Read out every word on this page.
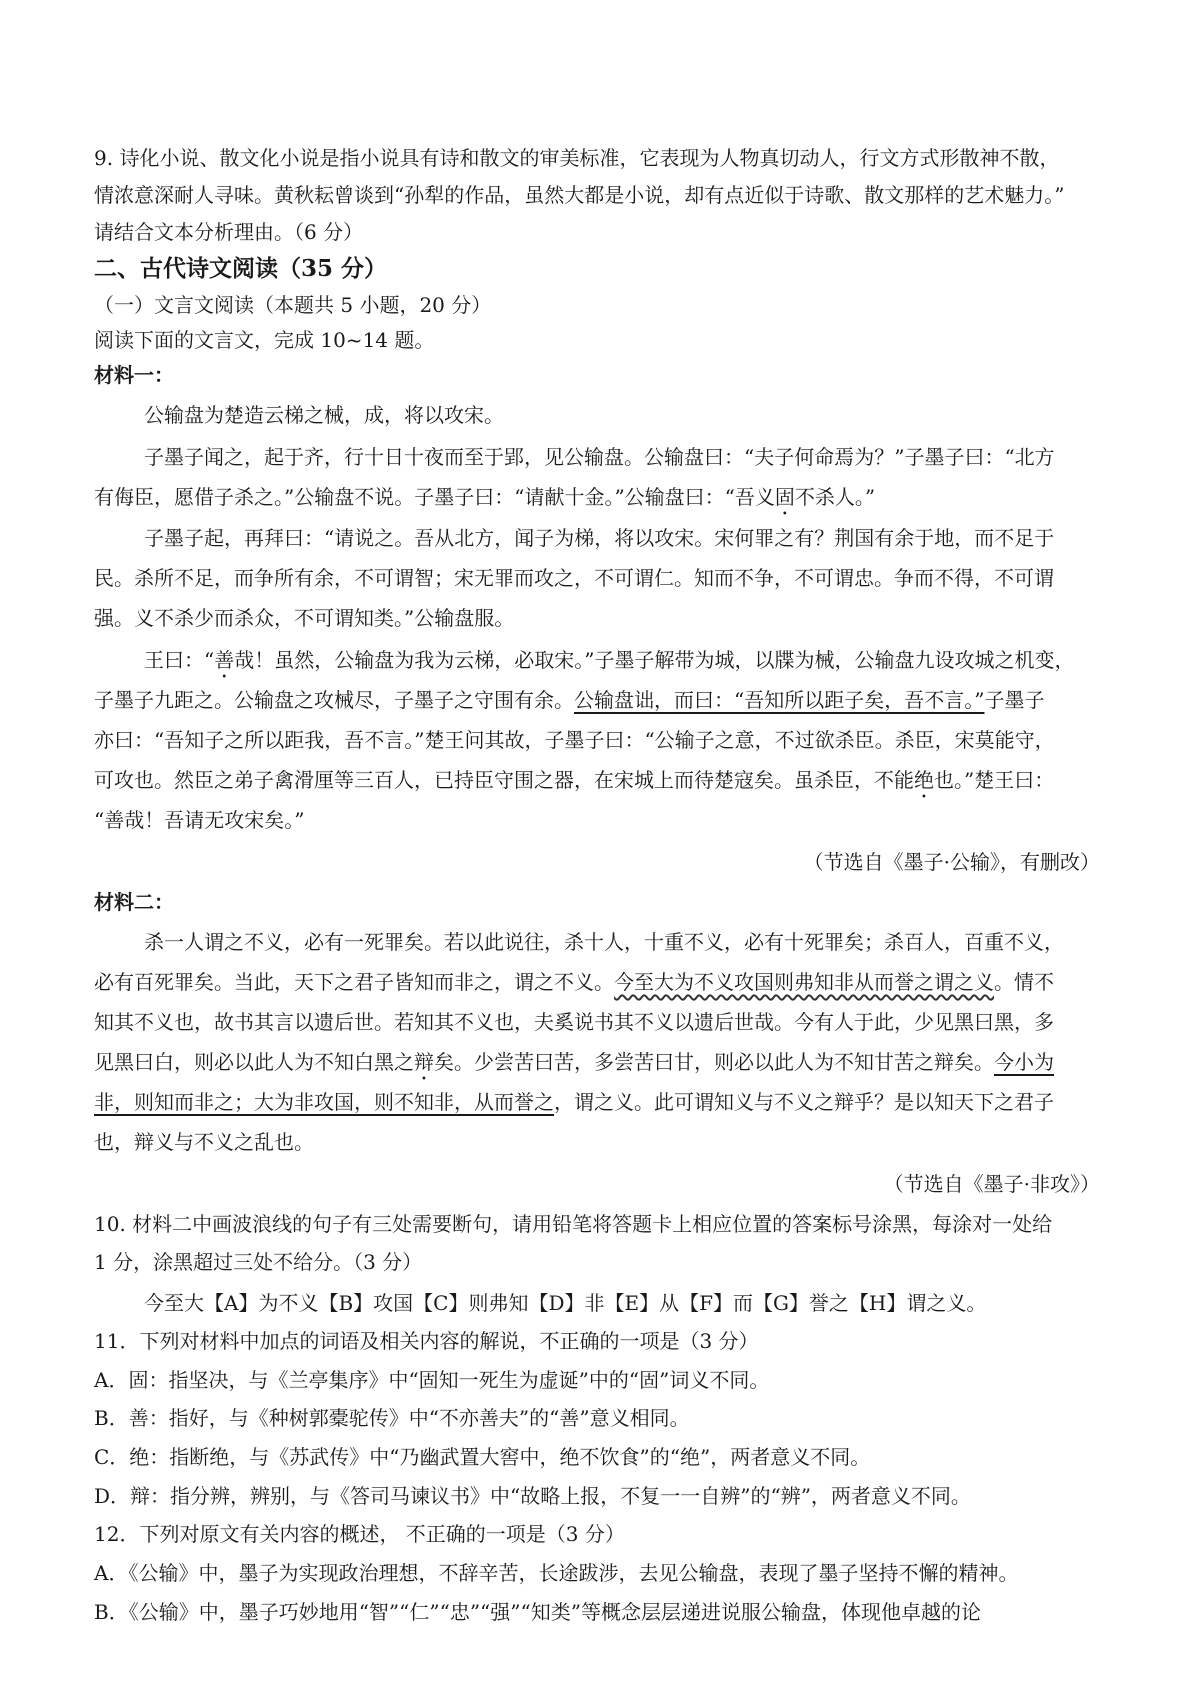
9. 诗化小说、散文化小说是指小说具有诗和散文的审美标准，它表现为人物真切动人，行文方式形散神不散，
情浓意深耐人寻味。黄秋耘曾谈到“孙犁的作品，虽然大都是小说，却有点近似于诗歌、散文那样的艺术魅力。”
请结合文本分析理由。（6 分）
二、古代诗文阅读（35 分）
（一）文言文阅读（本题共 5 小题，20 分）
阅读下面的文言文，完成 10~14 题。
材料一：
公输盘为楚造云梯之械，成，将以攻宋。
子墨子闻之，起于齐，行十日十夜而至于郢，见公输盘。公输盘曰：“夫子何命焉为？”子墨子曰：“北方
有侮臣，愿借子杀之。”公输盘不说。子墨子曰：“请献十金。”公输盘曰：“吾义固不杀人。”
子墨子起，再拜曰：“请说之。吾从北方，闻子为梯，将以攻宋。宋何罪之有？荆国有余于地，而不足于
民。杀所不足，而争所有余，不可谓智；宋无罪而攻之，不可谓仁。知而不争，不可谓忠。争而不得，不可谓
强。义不杀少而杀众，不可谓知类。”公输盘服。
王曰：“善哉！虽然，公输盘为我为云梯，必取宋。”子墨子解带为城，以牒为械，公输盘九设攻城之机变，
子墨子九距之。公输盘之攻械尽，子墨子之守围有余。公输盘诎，而曰：“吾知所以距子矣，吾不言。”子墨子
亦曰：“吾知子之所以距我，吾不言。”楚王问其故，子墨子曰：“公输子之意，不过欲杀臣。杀臣，宋莫能守，
可攻也。然臣之弟子禽滑厘等三百人，已持臣守围之器，在宋城上而待楚寇矣。虽杀臣，不能绝也。”楚王曰：
“善哉！吾请无攻宋矣。”
（节选自《墨子·公输》，有删改）
材料二：
杀一人谓之不义，必有一死罪矣。若以此说往，杀十人，十重不义，必有十死罪矣；杀百人，百重不义，
必有百死罪矣。当此，天下之君子皆知而非之，谓之不义。今至大为不义攻国则弗知非从而誉之谓之义。情不
知其不义也，故书其言以遗后世。若知其不义也，夫奚说书其不义以遗后世哉。今有人于此，少见黑曰黑，多
见黑曰白，则必以此人为不知白黑之辩矣。少尝苦曰苦，多尝苦曰甘，则必以此人为不知甘苦之辩矣。今小为
非，则知而非之；大为非攻国，则不知非，从而誉之，谓之义。此可谓知义与不义之辩乎？是以知天下之君子
也，辩义与不义之乱也。
（节选自《墨子·非攻》）
10. 材料二中画波浪线的句子有三处需要断句，请用铅笔将答题卡上相应位置的答案标号涂黑，每涂对一处给
1 分，涂黑超过三处不给分。（3 分）
今至大【A】为不义【B】攻国【C】则弗知【D】非【E】从【F】而【G】誉之【H】谓之义。
11．下列对材料中加点的词语及相关内容的解说，不正确的一项是（3 分）
A．固：指坚决，与《兰亭集序》中“固知一死生为虚诞”中的“固”词义不同。
B．善：指好，与《种树郭橐驼传》中“不亦善夫”的“善”意义相同。
C．绝：指断绝，与《苏武传》中“乃幽武置大窖中，绝不饮食”的“绝”，两者意义不同。
D．辩：指分辨，辨别，与《答司马谏议书》中“故略上报，不复一一自辨”的“辨”，两者意义不同。
12．下列对原文有关内容的概述， 不正确的一项是（3 分）
A．《公输》中，墨子为实现政治理想，不辞辛苦，长途跋涉，去见公输盘，表现了墨子坚持不懈的精神。
B．《公输》中，墨子巧妙地用“智”“仁”“忠”“强”“知类”等概念层层递进说服公输盘，体现他卓越的论
